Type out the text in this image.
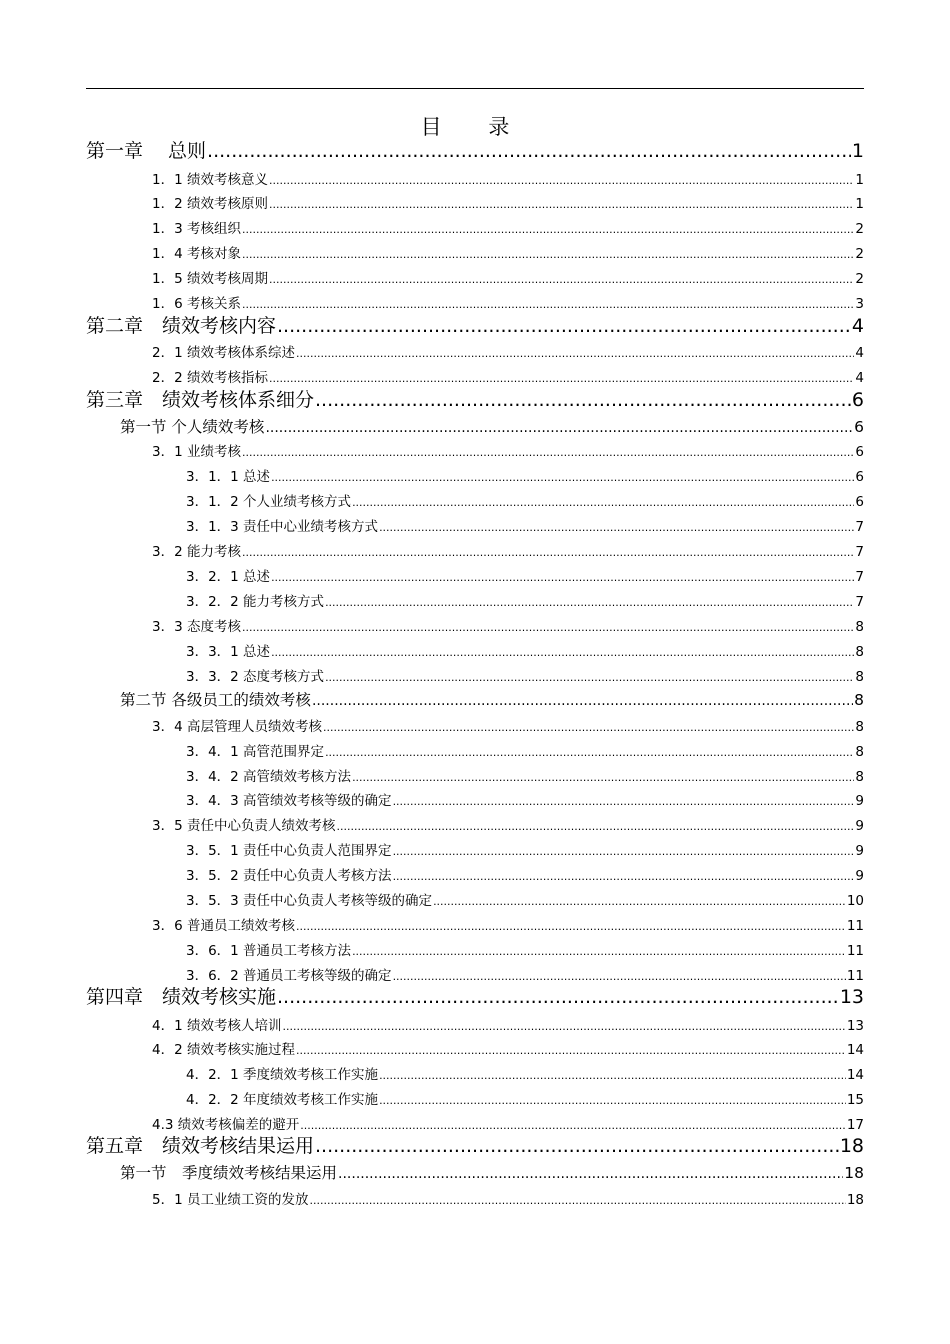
目 录
第一章　 总则 .....	1
1．1 绩效考核意义 .....	1
1．2 绩效考核原则 .....	1
1．3 考核组织 .....	2
1．4 考核对象 .....	2
1．5 绩效考核周期 .....	2
1．6 考核关系 .....	3
第二章　绩效考核内容 .....	4
2．1 绩效考核体系综述 .....	4
2．2 绩效考核指标 .....	4
第三章　绩效考核体系细分 .....	6
第一节 个人绩效考核 .....	6
3．1 业绩考核 .....	6
3．1．1 总述 .....	6
3．1．2 个人业绩考核方式 .....	6
3．1．3 责任中心业绩考核方式 .....	7
3．2 能力考核 .....	7
3．2．1 总述 .....	7
3．2．2 能力考核方式 .....	7
3．3 态度考核 .....	8
3．3．1 总述 .....	8
3．3．2 态度考核方式 .....	8
第二节 各级员工的绩效考核 .....	8
3．4 高层管理人员绩效考核 .....	8
3．4．1 高管范围界定 .....	8
3．4．2 高管绩效考核方法 .....	8
3．4．3 高管绩效考核等级的确定 .....	9
3．5 责任中心负责人绩效考核 .....	9
3．5．1 责任中心负责人范围界定 .....	9
3．5．2 责任中心负责人考核方法 .....	9
3．5．3 责任中心负责人考核等级的确定 .....	10
3．6 普通员工绩效考核 .....	11
3．6．1 普通员工考核方法 .....	11
3．6．2 普通员工考核等级的确定 .....	11
第四章　绩效考核实施 .....	13
4．1 绩效考核人培训 .....	13
4．2 绩效考核实施过程 .....	14
4．2．1 季度绩效考核工作实施 .....	14
4．2．2 年度绩效考核工作实施 .....	15
4.3 绩效考核偏差的避开 .....	17
第五章　绩效考核结果运用 .....	18
第一节　季度绩效考核结果运用 .....	18
5．1 员工业绩工资的发放 .....	18
